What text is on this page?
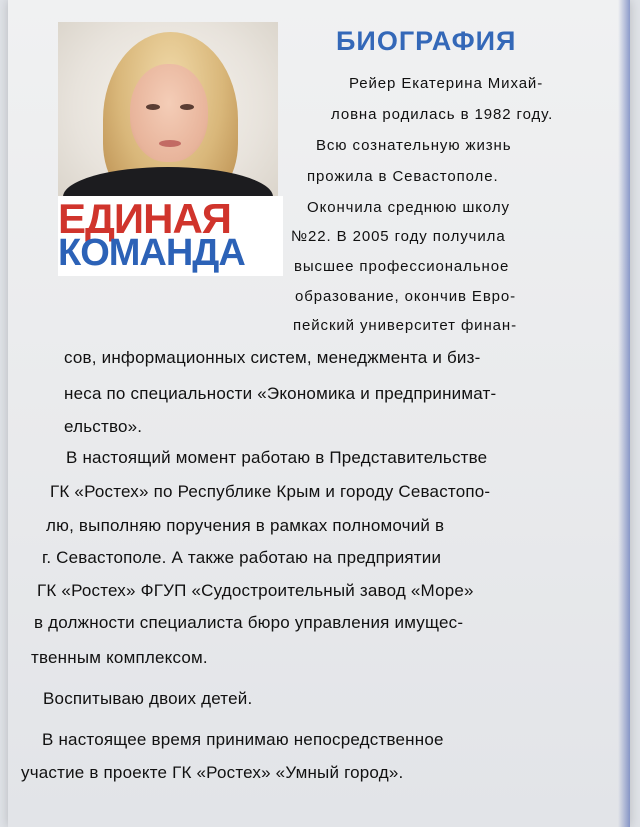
ЕДИНАЯ
КОМАНДА
БИОГРАФИЯ
Рейер Екатерина Михай-
ловна родилась в 1982 году.
Всю сознательную жизнь
прожила в Севастополе.
Окончила среднюю школу
№22. В 2005 году получила
высшее профессиональное
образование, окончив Евро-
пейский университет финан-
сов, информационных систем, менеджмента и биз-
неса по специальности «Экономика и предпринимат-
ельство».
В настоящий момент работаю в Представительстве
ГК «Ростех» по Республике Крым и городу Севастопо-
лю, выполняю поручения в рамках полномочий в
г. Севастополе. А также работаю на предприятии
ГК «Ростех» ФГУП «Судостроительный завод «Море»
в должности специалиста бюро управления имущес-
твенным комплексом.
Воспитываю двоих детей.
В настоящее время принимаю непосредственное
участие в проекте ГК «Ростех» «Умный город».
